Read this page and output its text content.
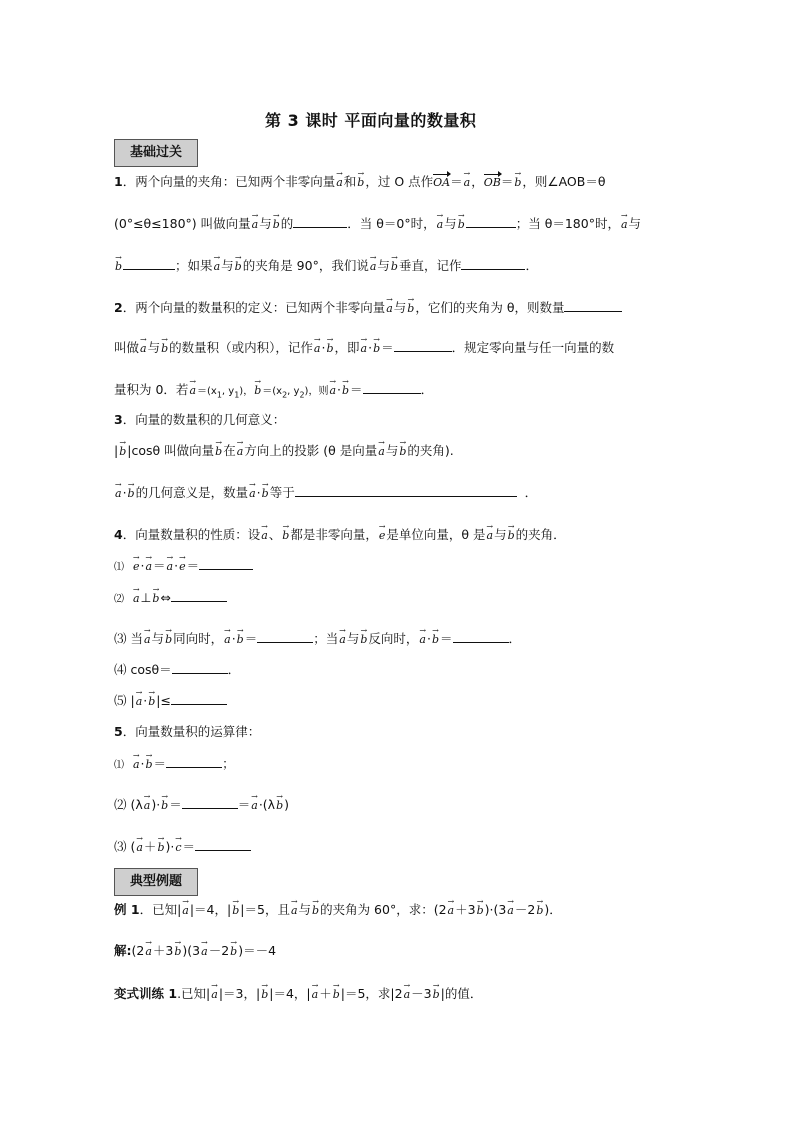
第 3 课时 平面向量的数量积
基础过关
1．两个向量的夹角：已知两个非零向量→ a和→ b，过 O 点作OA＝→ a，OB＝→ b，则∠AOB＝θ
(0°≤θ≤180°) 叫做向量→ a与→ b的	．当 θ＝0°时，→ a与→ b	；当 θ＝180°时，→ a与
→ b	；如果→ a与→ b的夹角是 90°，我们说→ a与→ b垂直，记作	．
2．两个向量的数量积的定义：已知两个非零向量→ a与→ b，它们的夹角为 θ，则数量
叫做→ a与→ b的数量积（或内积），记作→ a·→ b，即→ a·→ b＝	．规定零向量与任一向量的数
量积为 0．若→ $a=(x_1$, $y_1$)，→ $b=(x_2$, $y_2$)，则→ a·→ b＝	．
3．向量的数量积的几何意义：
|→ b|cosθ 叫做向量→ b在→ a方向上的投影 (θ 是向量→ a与→ b的夹角).
→ a·→ b的几何意义是，数量→ a·→ b等于	．
4．向量数量积的性质：设→ a、→ b都是非零向量，→ e是单位向量，θ 是→ a与→ b的夹角．
⑴ → e·→ a＝→ a·→ e＝
⑵ → a⊥→ b⇔
⑶ 当→ a与→ b同向时，→ a·→ b＝	；当→ a与→ b反向时，→ a·→ b＝	．
⑷ cosθ＝	．
⑸ |→ a·→ b|≤
5．向量数量积的运算律：
⑴ → a·→ b＝	；
⑵ (λ→ a)·→ b＝	＝→ a·(λ→ b)
⑶ (→ a＋→ b)·→ c＝
典型例题
例 1．已知|→ a|＝4，|→ b|＝5，且→ a与→ b的夹角为 60°，求：(2→ a＋3→ b)·(3→ a－2→ b)．
解:(2→ a＋3→ b)(3→ a－2→ b)＝－4
变式训练 1.已知|→ a|＝3，|→ b|＝4，|→ a＋→ b|＝5，求|2→ a－3→ b|的值．
